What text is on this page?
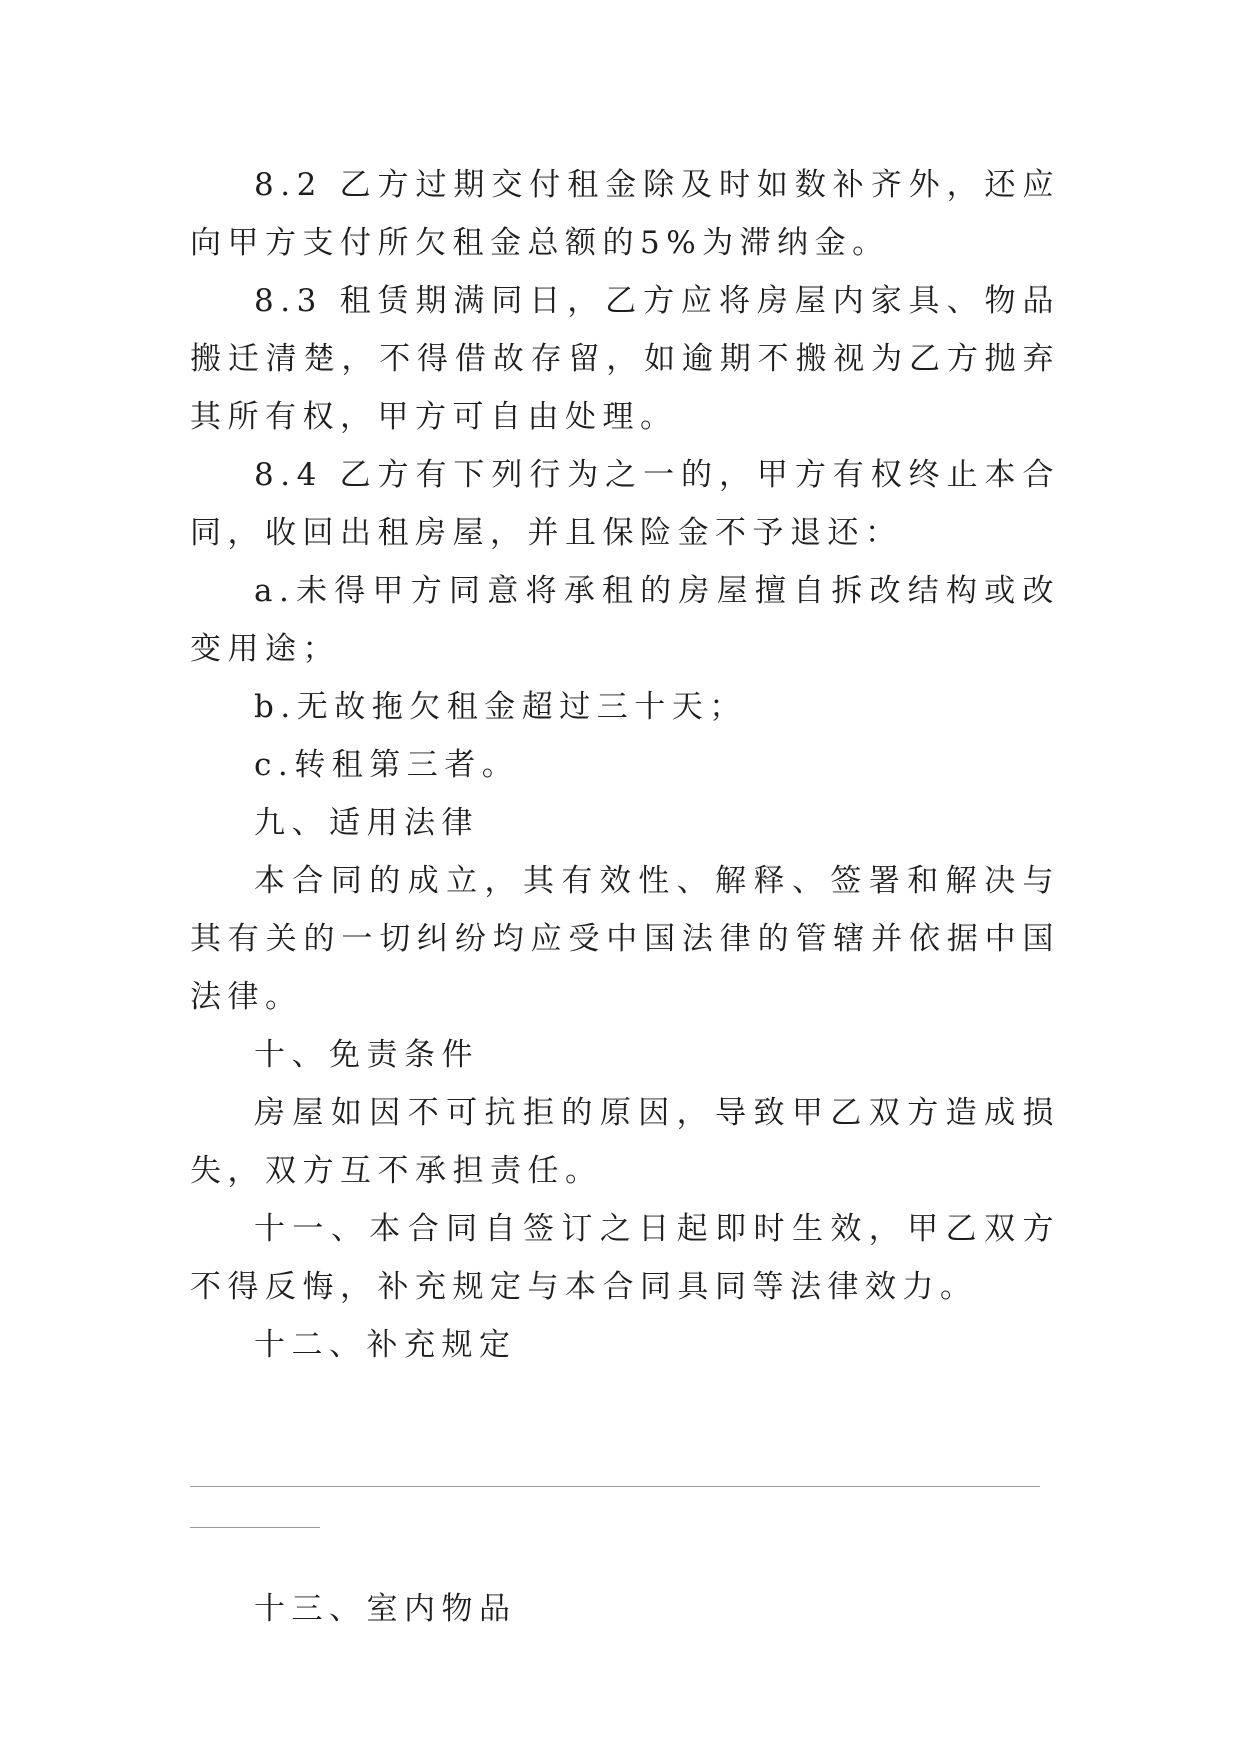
8.2 乙方过期交付租金除及时如数补齐外，还应向甲方支付所欠租金总额的5%为滞纳金。

8.3 租赁期满同日，乙方应将房屋内家具、物品搬迁清楚，不得借故存留，如逾期不搬视为乙方抛弃其所有权，甲方可自由处理。

8.4 乙方有下列行为之一的，甲方有权终止本合同，收回出租房屋，并且保险金不予退还：

a.未得甲方同意将承租的房屋擅自拆改结构或改变用途；

b.无故拖欠租金超过三十天；

c.转租第三者。

九、适用法律

本合同的成立，其有效性、解释、签署和解决与其有关的一切纠纷均应受中国法律的管辖并依据中国法律。

十、免责条件

房屋如因不可抗拒的原因，导致甲乙双方造成损失，双方互不承担责任。

十一、本合同自签订之日起即时生效，甲乙双方不得反悔，补充规定与本合同具同等法律效力。

十二、补充规定

十三、室内物品
